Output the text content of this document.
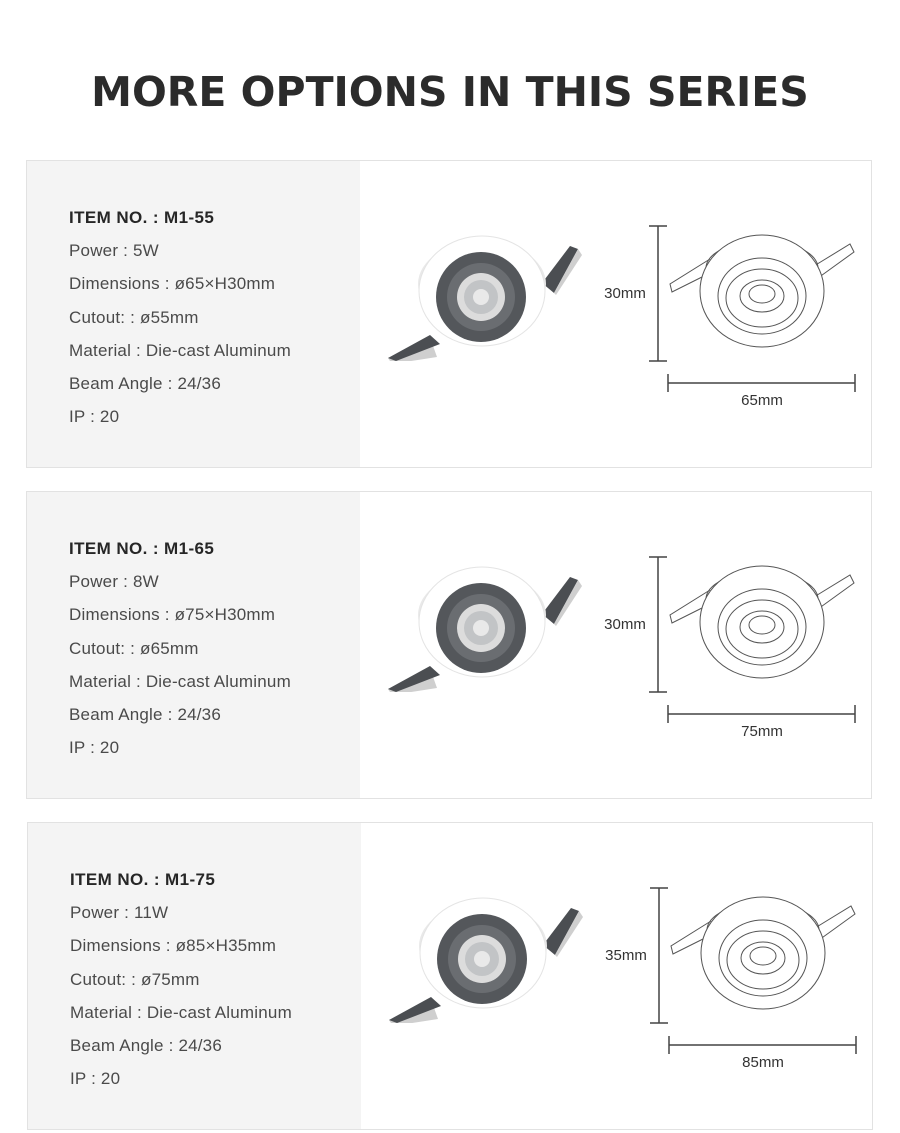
MORE OPTIONS IN THIS SERIES
ITEM NO. : M1-55
Power : 5W
Dimensions : ø65×H30mm
Cutout: : ø55mm
Material : Die-cast Aluminum
Beam Angle : 24/36
IP : 20
30mm
65mm
ITEM NO. : M1-65
Power : 8W
Dimensions : ø75×H30mm
Cutout: : ø65mm
Material : Die-cast Aluminum
Beam Angle : 24/36
IP : 20
30mm
75mm
ITEM NO. : M1-75
Power : 11W
Dimensions : ø85×H35mm
Cutout: : ø75mm
Material : Die-cast Aluminum
Beam Angle : 24/36
IP : 20
35mm
85mm
